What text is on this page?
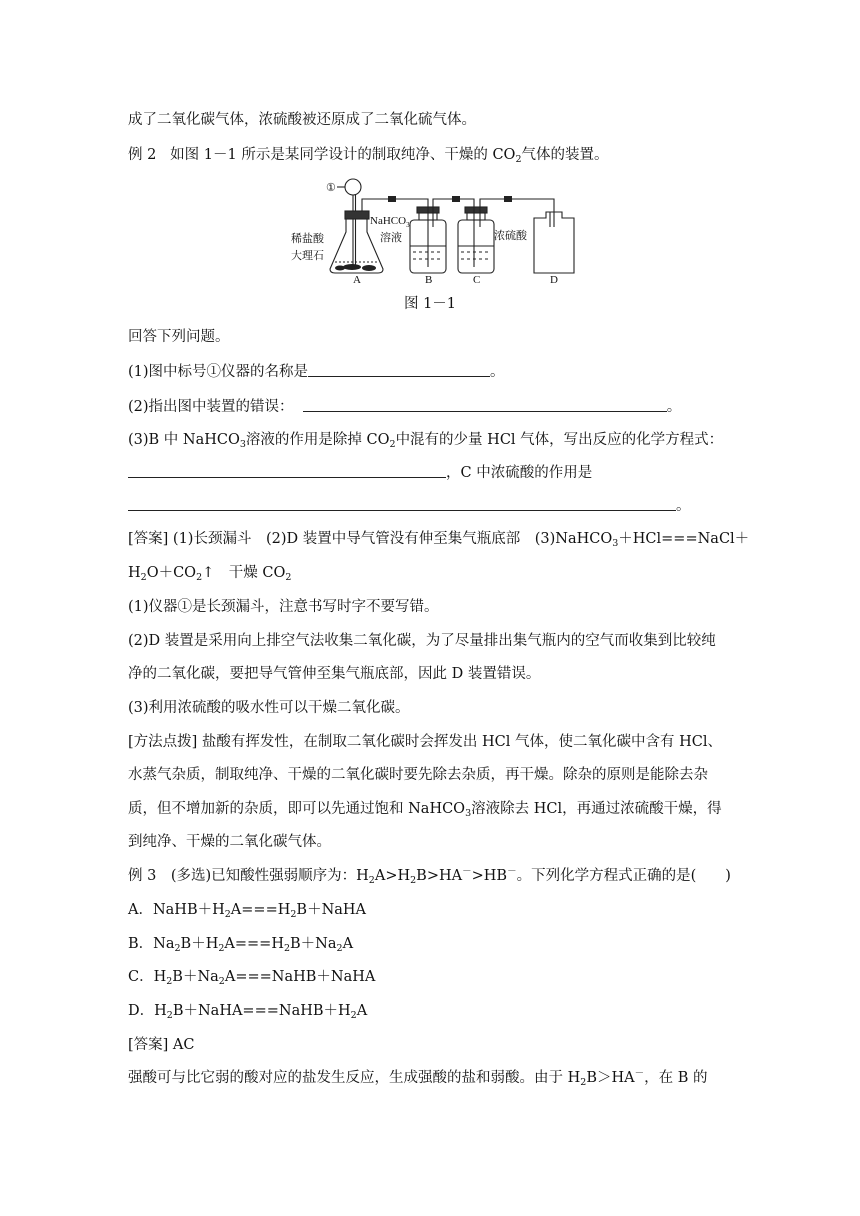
成了二氧化碳气体，浓硫酸被还原成了二氧化硫气体。
例 2 如图 1－1 所示是某同学设计的制取纯净、干燥的 $CO_2$气体的装置。
①
NaHCO$_3$
溶液
稀盐酸
大理石
浓硫酸
A	B	C	D
图 1－1
回答下列问题。
(1)图中标号①仪器的名称是	。
(2)指出图中装置的错误：	。
(3)B 中 NaHCO$_3$溶液的作用是除掉 $CO_2$中混有的少量 HCl 气体，写出反应的化学方程式：
，C 中浓硫酸的作用是
。
[答案] (1)长颈漏斗　(2)D 装置中导气管没有伸至集气瓶底部　(3)NaHCO$_3$＋HCl===NaCl＋
$H_2O+CO_2↑$　干燥 $CO_2$
(1)仪器①是长颈漏斗，注意书写时字不要写错。
(2)D 装置是采用向上排空气法收集二氧化碳，为了尽量排出集气瓶内的空气而收集到比较纯
净的二氧化碳，要把导气管伸至集气瓶底部，因此 D 装置错误。
(3)利用浓硫酸的吸水性可以干燥二氧化碳。
[方法点拨] 盐酸有挥发性，在制取二氧化碳时会挥发出 HCl 气体，使二氧化碳中含有 HCl、
水蒸气杂质，制取纯净、干燥的二氧化碳时要先除去杂质，再干燥。除杂的原则是能除去杂
质，但不增加新的杂质，即可以先通过饱和 NaHCO$_3$溶液除去 HCl，再通过浓硫酸干燥，得
到纯净、干燥的二氧化碳气体。
例 3　(多选)已知酸性强弱顺序为：$H_2A>H_2B>HA^->HB^-$。下列化学方程式正确的是(　　)
A．$NaHB+H_2A===H_2B+NaHA$
B．$Na_2B+H_2A===H_2B+Na_2A$
C．$H_2B+Na_2A===NaHB+NaHA$
D．$H_2B+NaHA===NaHB+H_2A$
[答案] AC
强酸可与比它弱的酸对应的盐发生反应，生成强酸的盐和弱酸。由于 $H_2B>HA^-$，在 B 的
